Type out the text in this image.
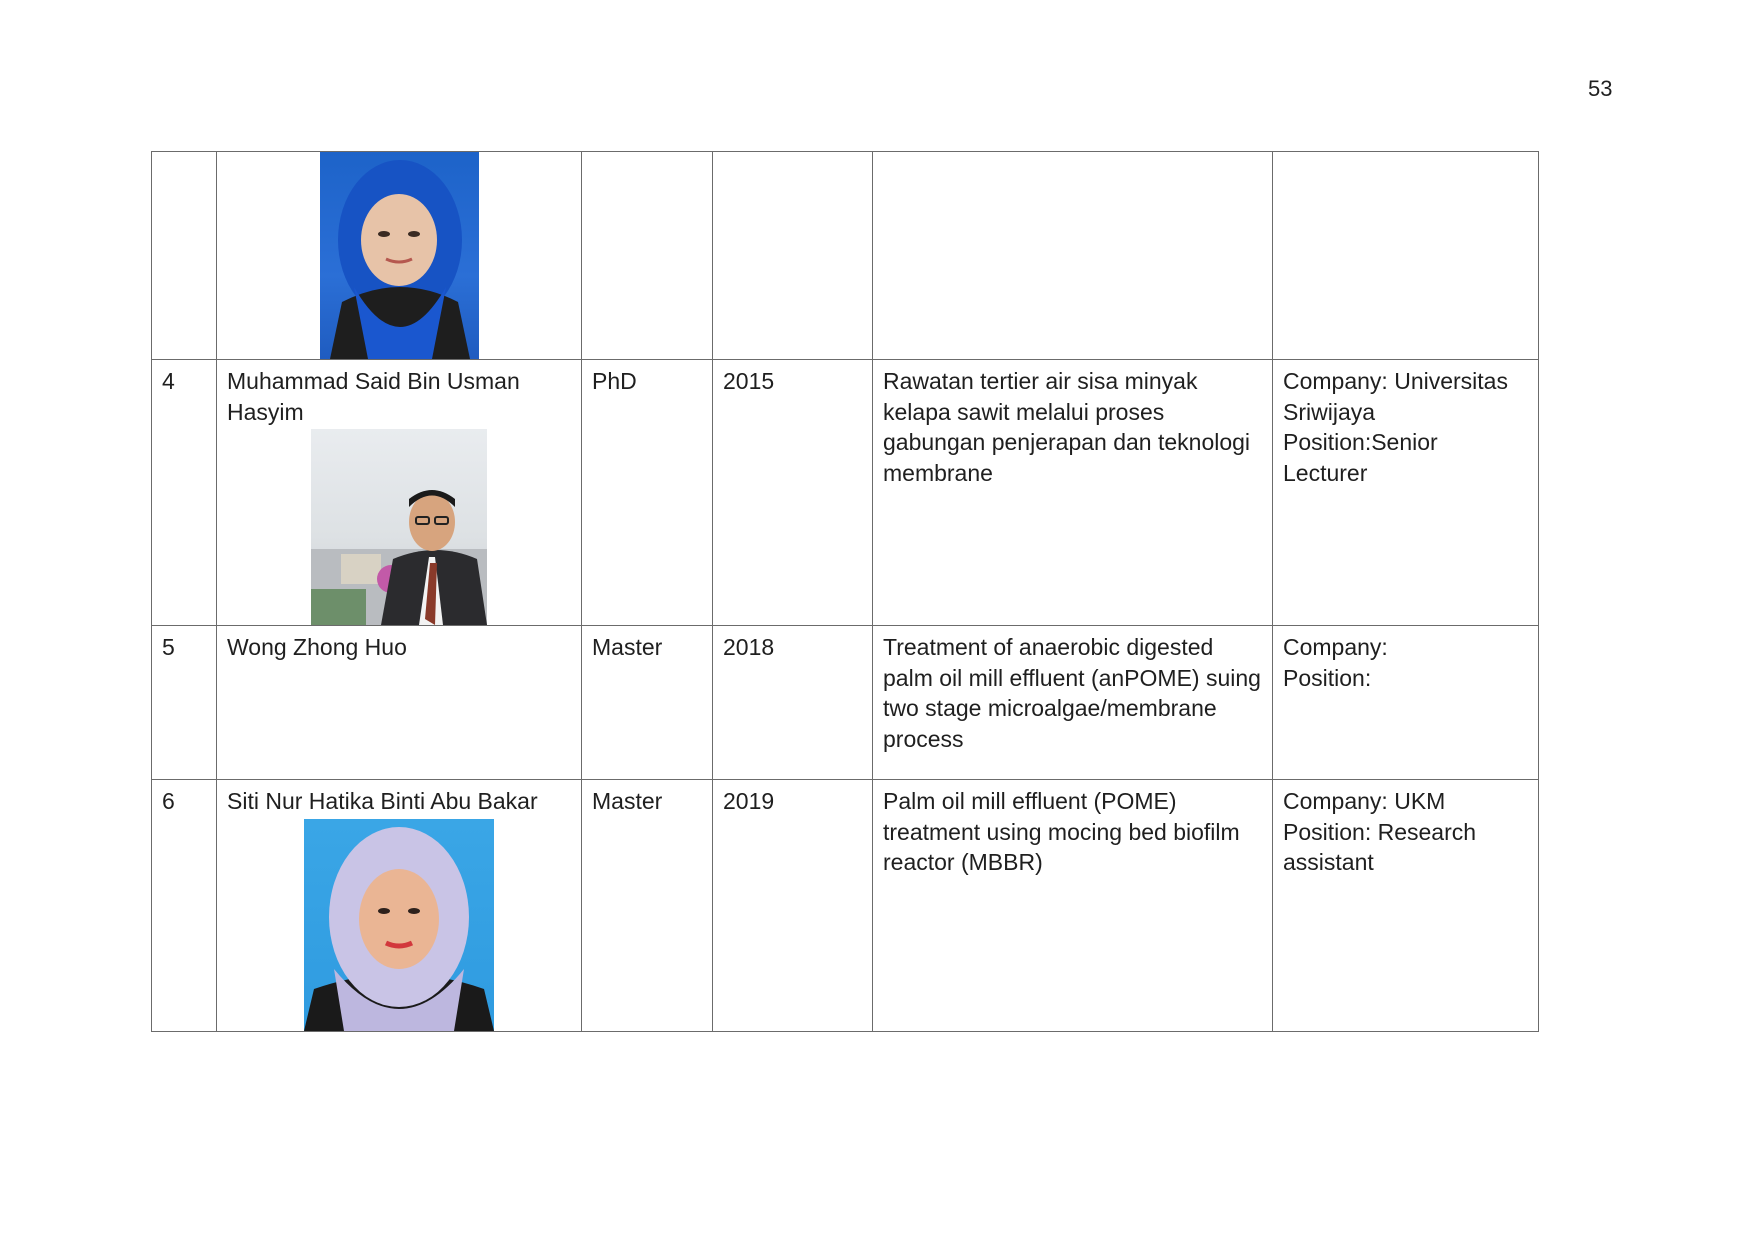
53

4	Muhammad Said Bin Usman Hasyim	PhD	2015	Rawatan tertier air sisa minyak kelapa sawit melalui proses gabungan penjerapan dan teknologi membrane	Company: Universitas Sriwijaya
Position:Senior Lecturer

5	Wong Zhong Huo	Master	2018	Treatment of anaerobic digested palm oil mill effluent (anPOME) suing two stage microalgae/membrane process	Company:
Position:

6	Siti Nur Hatika Binti Abu Bakar	Master	2019	Palm oil mill effluent (POME) treatment using mocing bed biofilm reactor (MBBR)	Company: UKM
Position: Research assistant
